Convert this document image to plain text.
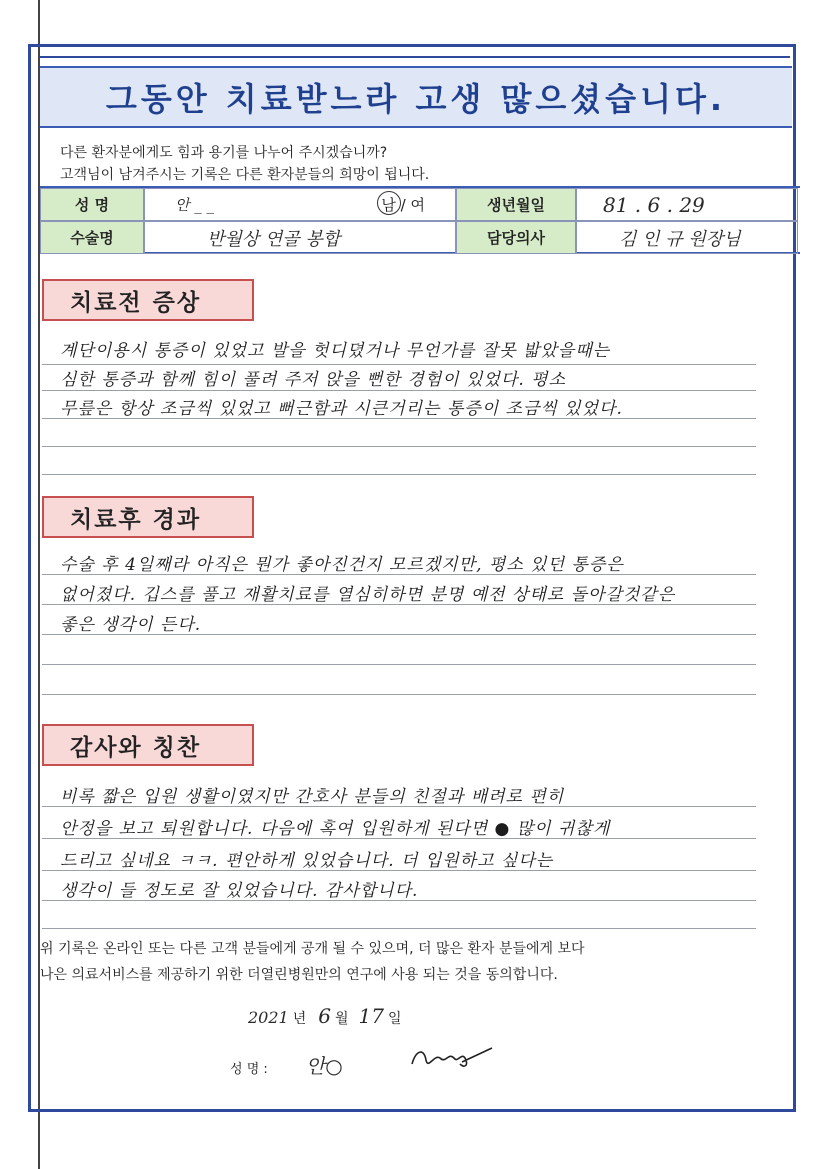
그동안 치료받느라 고생 많으셨습니다.
다른 환자분에게도 힘과 용기를 나누어 주시겠습니까?
고객님이 남겨주시는 기록은 다른 환자분들의 희망이 됩니다.
성 명	안 _ _	남 / 여	생년월일	81 . 6 . 29
수술명	반월상 연골 봉합	담당의사	김 인 규 원장님
치료전 증상
계단이용시 통증이 있었고 발을 헛디뎠거나 무언가를 잘못 밟았을때는
심한 통증과 함께 힘이 풀려 주저 앉을 뻔한 경험이 있었다. 평소
무릎은 항상 조금씩 있었고 뻐근함과 시큰거리는 통증이 조금씩 있었다.
치료후 경과
수술 후 4일째라 아직은 뭔가 좋아진건지 모르겠지만, 평소 있던 통증은
없어졌다. 깁스를 풀고 재활치료를 열심히하면 분명 예전 상태로 돌아갈것같은
좋은 생각이 든다.
감사와 칭찬
비록 짧은 입원 생활이였지만 간호사 분들의 친절과 배려로 편히
안정을 보고 퇴원합니다. 다음에 혹여 입원하게 된다면 ● 많이 귀찮게
드리고 싶네요 ㅋㅋ. 편안하게 있었습니다. 더 입원하고 싶다는
생각이 들 정도로 잘 있었습니다. 감사합니다.
위 기록은 온라인 또는 다른 고객 분들에게 공개 될 수 있으며, 더 많은 환자 분들에게 보다
나은 의료서비스를 제공하기 위한 더열린병원만의 연구에 사용 되는 것을 동의합니다.
2021 년 6 월 17 일
성 명 : 안○
